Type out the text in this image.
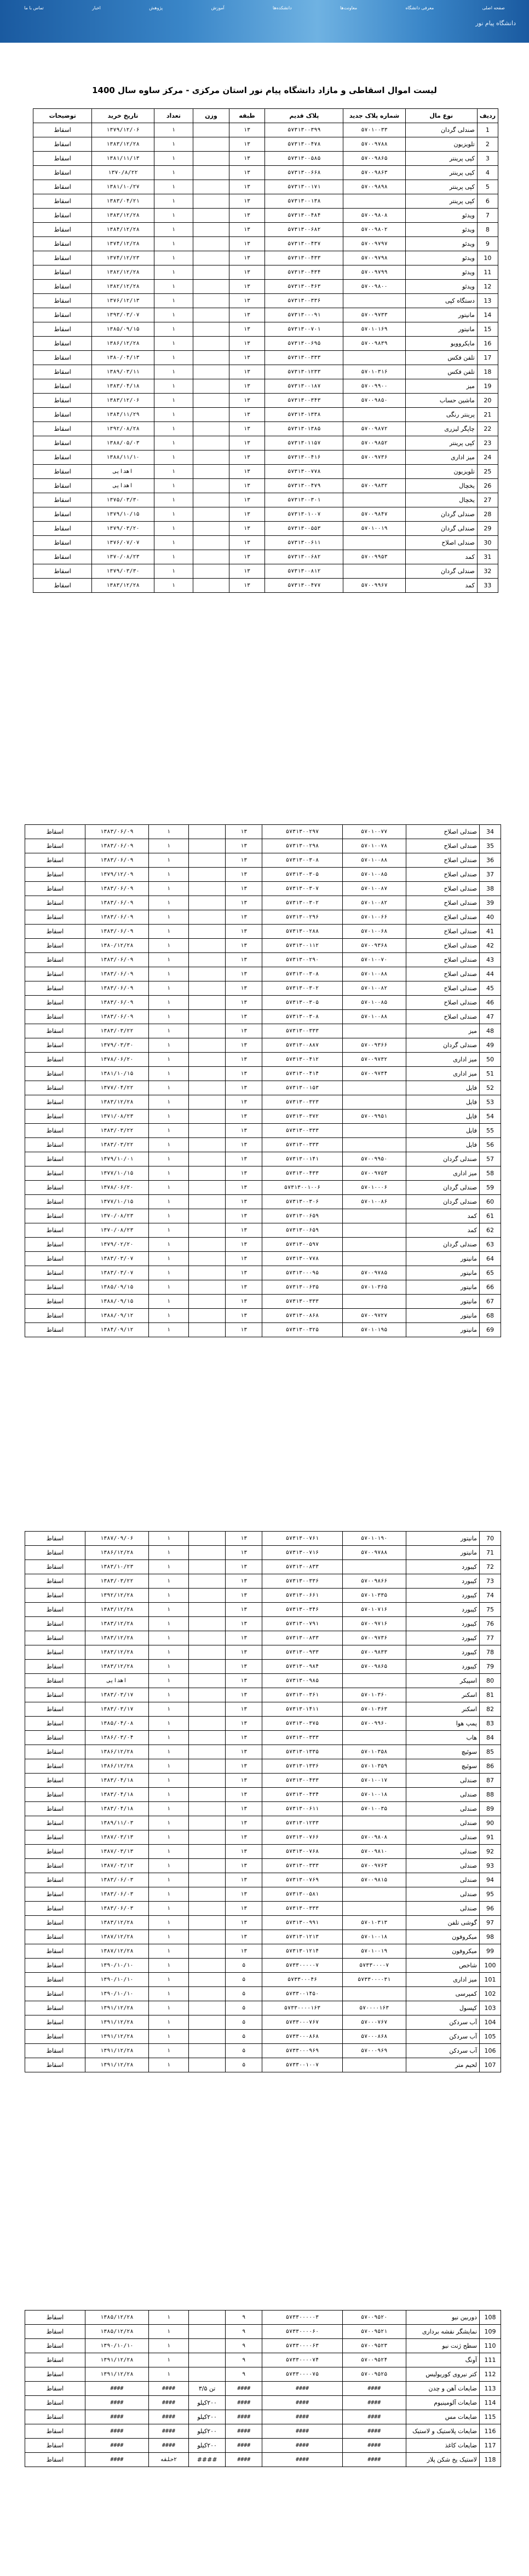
صفحه اصلی
معرفی دانشگاه
معاونت‌ها
دانشکده‌ها
آموزش
پژوهش
اخبار
تماس با ما
دانشگاه پیام نور
لیست اموال اسقاطی و مازاد دانشگاه پیام نور استان مرکزی - مرکز ساوه سال 1400
ردیف	نوع مال	شماره پلاک جدید	پلاک قدیم	طبقه	وزن	تعداد	تاریخ خرید	توضیحات
1	صندلی گردان	۵۷۰۱۰۰۳۳	۵۷۳۱۳۰۰۳۹۹	۱۳		۱	۱۳۷۹/۱۲/۰۶	اسقاط
2	تلویزیون	۵۷۰۰۹۷۸۸	۵۷۳۱۳۰۰۴۷۸	۱۳		۱	۱۳۸۳/۱۲/۲۸	اسقاط
3	کپی پرینتر	۵۷۰۰۹۸۶۵	۵۷۳۱۳۰۰۵۸۵	۱۳		۱	۱۳۸۱/۱۱/۱۳	اسقاط
4	کپی پرینتر	۵۷۰۰۹۸۶۳	۵۷۳۱۳۰۰۶۶۸	۱۳		۱	۱۳۷۰/۸/۲۲	اسقاط
5	کپی پرینتر	۵۷۰۰۹۸۹۸	۵۷۳۱۳۰۰۱۷۱	۱۳		۱	۱۳۸۱/۱۰/۲۷	اسقاط
6	کپی پرینتر		۵۷۳۱۳۰۰۱۳۸	۱۳		۱	۱۳۸۳/۰۴/۲۱	اسقاط
7	ویدئو	۵۷۰۰۹۸۰۸	۵۷۳۱۳۰۰۴۸۴	۱۳		۱	۱۳۸۳/۱۲/۲۸	اسقاط
8	ویدئو	۵۷۰۰۹۸۰۲	۵۷۳۱۳۰۰۶۸۲	۱۳		۱	۱۳۸۴/۱۲/۲۸	اسقاط
9	ویدئو	۵۷۰۰۹۷۹۷	۵۷۳۱۳۰۰۴۳۷	۱۳		۱	۱۳۷۴/۱۲/۲۸	اسقاط
10	ویدئو	۵۷۰۰۹۷۹۸	۵۷۳۱۳۰۰۴۳۳	۱۳		۱	۱۳۷۴/۱۲/۲۳	اسقاط
11	ویدئو	۵۷۰۰۹۷۹۹	۵۷۳۱۳۰۰۴۳۴	۱۳		۱	۱۳۸۲/۱۲/۲۸	اسقاط
12	ویدئو	۵۷۰۰۹۸۰۰	۵۷۳۱۳۰۰۴۶۳	۱۳		۱	۱۳۸۲/۱۲/۲۸	اسقاط
13	دستگاه کپی		۵۷۳۱۳۰۰۳۳۶	۱۳		۱	۱۳۷۶/۱۲/۱۳	اسقاط
14	مانیتور	۵۷۰۰۹۷۳۳	۵۷۳۱۳۰۰۰۹۱	۱۳		۱	۱۳۹۳/۰۳/۰۷	اسقاط
15	مانیتور	۵۷۰۱۰۱۶۹	۵۷۳۱۳۰۰۷۰۱	۱۳		۱	۱۳۸۵/۰۹/۱۵	اسقاط
16	مایکروویو	۵۷۰۰۹۸۳۹	۵۷۳۱۳۰۰۶۹۵	۱۳		۱	۱۳۸۶/۱۲/۲۸	اسقاط
17	تلفن فکس		۵۷۳۱۳۰۰۳۳۳	۱۳		۱	۱۳۸۰/۰۴/۱۳	اسقاط
18	تلفن فکس	۵۷۰۱۰۳۱۶	۵۷۳۱۳۰۱۲۳۳	۱۳		۱	۱۳۸۹/۰۳/۱۱	اسقاط
19	میز	۵۷۰۰۹۹۰۰	۵۷۳۱۳۰۰۱۸۷	۱۳		۱	۱۳۸۳/۰۴/۱۸	اسقاط
20	ماشین حساب	۵۷۰۰۹۸۵۰	۵۷۳۱۳۰۰۳۴۳	۱۳		۱	۱۳۸۳/۱۲/۰۶	اسقاط
21	پرینتر رنگی		۵۷۳۱۳۰۱۳۳۸	۱۳		۱	۱۳۸۴/۱۱/۲۹	اسقاط
22	چاپگر لیزری	۵۷۰۰۹۸۷۲	۵۷۳۱۳۰۱۳۸۵	۱۳		۱	۱۳۹۲/۰۸/۲۸	اسقاط
23	کپی پرینتر	۵۷۰۰۹۸۵۲	۵۷۳۱۳۰۱۱۵۷	۱۳		۱	۱۳۸۸/۰۵/۰۳	اسقاط
24	میز اداری	۵۷۰۰۹۷۳۶	۵۷۳۱۳۰۰۴۱۶	۱۳		۱	۱۳۸۸/۱۱/۱۰	اسقاط
25	تلویزیون		۵۷۳۱۳۰۰۷۷۸	۱۳		۱	اهدایی	اسقاط
26	یخچال	۵۷۰۰۹۸۳۲	۵۷۳۱۳۰۰۴۷۹	۱۳		۱	اهدایی	اسقاط
27	یخچال		۵۷۳۱۳۰۰۳۰۱	۱۳		۱	۱۳۷۵/۰۳/۳۰	اسقاط
28	صندلی گردان	۵۷۰۰۹۸۴۷	۵۷۳۱۳۰۱۰۰۷	۱۳		۱	۱۳۷۹/۱۰/۱۵	اسقاط
29	صندلی گردان	۵۷۰۱۰۰۱۹	۵۷۳۱۳۰۰۵۵۳	۱۳		۱	۱۳۷۹/۰۳/۲۰	اسقاط
30	صندلی اصلاح		۵۷۳۱۳۰۰۶۱۱	۱۳		۱	۱۳۷۶/۰۷/۰۷	اسقاط
31	کمد	۵۷۰۰۹۹۵۳	۵۷۳۱۳۰۰۶۸۲	۱۳		۱	۱۳۷۰/۰۸/۲۳	اسقاط
32	صندلی گردان		۵۷۳۱۳۰۰۸۱۲	۱۳		۱	۱۳۷۹/۰۳/۳۰	اسقاط
33	کمد	۵۷۰۰۹۹۶۷	۵۷۳۱۳۰۰۴۷۷	۱۳		۱	۱۳۸۳/۱۲/۲۸	اسقاط
34	صندلی اصلاح	۵۷۰۱۰۰۷۷	۵۷۳۱۳۰۰۲۹۷	۱۳		۱	۱۳۸۳/۰۶/۰۹	اسقاط
35	صندلی اصلاح	۵۷۰۱۰۰۷۸	۵۷۳۱۳۰۰۲۹۸	۱۳		۱	۱۳۸۳/۰۶/۰۹	اسقاط
36	صندلی اصلاح	۵۷۰۱۰۰۸۸	۵۷۳۱۳۰۰۳۰۸	۱۳		۱	۱۳۸۳/۰۶/۰۹	اسقاط
37	صندلی اصلاح	۵۷۰۱۰۰۸۵	۵۷۳۱۳۰۰۳۰۵	۱۳		۱	۱۳۷۹/۱۲/۰۹	اسقاط
38	صندلی اصلاح	۵۷۰۱۰۰۸۷	۵۷۳۱۳۰۰۳۰۷	۱۳		۱	۱۳۸۳/۰۶/۰۹	اسقاط
39	صندلی اصلاح	۵۷۰۱۰۰۸۲	۵۷۳۱۳۰۰۳۰۲	۱۳		۱	۱۳۸۳/۰۶/۰۹	اسقاط
40	صندلی اصلاح	۵۷۰۱۰۰۶۶	۵۷۳۱۳۰۰۲۹۶	۱۳		۱	۱۳۸۳/۰۶/۰۹	اسقاط
41	صندلی اصلاح	۵۷۰۱۰۰۶۸	۵۷۳۱۳۰۰۲۸۸	۱۳		۱	۱۳۸۳/۰۶/۰۹	اسقاط
42	صندلی اصلاح	۵۷۰۰۹۳۶۸	۵۷۳۱۳۰۰۱۱۲	۱۳		۱	۱۳۸۰/۱۲/۲۸	اسقاط
43	صندلی اصلاح	۵۷۰۱۰۰۷۰	۵۷۳۱۳۰۰۲۹۰	۱۳		۱	۱۳۸۳/۰۶/۰۹	اسقاط
44	صندلی اصلاح	۵۷۰۱۰۰۸۸	۵۷۳۱۳۰۰۳۰۸	۱۳		۱	۱۳۸۳/۰۶/۰۹	اسقاط
45	صندلی اصلاح	۵۷۰۱۰۰۸۲	۵۷۳۱۳۰۰۳۰۲	۱۳		۱	۱۳۸۳/۰۶/۰۹	اسقاط
46	صندلی اصلاح	۵۷۰۱۰۰۸۵	۵۷۳۱۳۰۰۳۰۵	۱۳		۱	۱۳۸۳/۰۶/۰۹	اسقاط
47	صندلی اصلاح	۵۷۰۱۰۰۸۸	۵۷۳۱۳۰۰۳۰۸	۱۳		۱	۱۳۸۳/۰۶/۰۹	اسقاط
48	میز		۵۷۳۱۳۰۰۳۳۳	۱۳		۱	۱۳۸۳/۰۳/۲۲	اسقاط
49	صندلی گردان	۵۷۰۰۹۳۶۶	۵۷۳۱۳۰۰۸۸۷	۱۳		۱	۱۳۷۹/۰۳/۳۰	اسقاط
50	میز اداری	۵۷۰۰۹۷۳۲	۵۷۳۱۳۰۰۴۱۲	۱۳		۱	۱۳۷۸/۰۶/۲۰	اسقاط
51	میز اداری	۵۷۰۰۹۷۳۴	۵۷۳۱۳۰۰۴۱۴	۱۳		۱	۱۳۸۱/۱۰/۱۵	اسقاط
52	فایل		۵۷۳۱۳۰۰۱۵۳	۱۳		۱	۱۳۷۷/۰۴/۲۲	اسقاط
53	فایل		۵۷۳۱۳۰۰۳۲۳	۱۳		۱	۱۳۸۳/۱۲/۲۸	اسقاط
54	فایل	۵۷۰۰۹۹۵۱	۵۷۳۱۳۰۰۳۷۲	۱۳		۱	۱۳۷۱/۰۸/۲۳	اسقاط
55	فایل		۵۷۳۱۳۰۰۳۳۳	۱۳		۱	۱۳۸۳/۰۳/۲۲	اسقاط
56	فایل		۵۷۳۱۳۰۰۳۳۳	۱۳		۱	۱۳۸۳/۰۳/۲۲	اسقاط
57	صندلی گردان	۵۷۰۰۹۹۵۰	۵۷۳۱۳۰۰۱۴۱	۱۳		۱	۱۳۷۹/۱۰/۰۱	اسقاط
58	میز اداری	۵۷۰۰۹۷۵۳	۵۷۳۱۳۰۰۴۳۳	۱۳		۱	۱۳۷۷/۱۰/۱۵	اسقاط
59	صندلی گردان	۵۷۰۱۰۰۰۶	۵۷۳۱۳۰۰۱۰۰۶	۱۳		۱	۱۳۷۸/۰۶/۲۰	اسقاط
60	صندلی گردان	۵۷۰۱۰۰۸۶	۵۷۳۱۳۰۰۳۰۶	۱۳		۱	۱۳۷۷/۱۰/۱۵	اسقاط
61	کمد		۵۷۳۱۳۰۰۶۵۹	۱۳		۱	۱۳۷۰/۰۸/۲۳	اسقاط
62	کمد		۵۷۳۱۳۰۰۶۵۹	۱۳		۱	۱۳۷۰/۰۸/۲۳	اسقاط
63	صندلی گردان		۵۷۳۱۳۰۰۵۹۷	۱۳		۱	۱۳۷۹/۰۲/۲۰	اسقاط
64	مانیتور		۵۷۳۱۳۰۰۷۷۸	۱۳		۱	۱۳۸۳/۰۳/۰۷	اسقاط
65	مانیتور	۵۷۰۰۹۷۸۵	۵۷۳۱۳۰۰۰۹۵	۱۳		۱	۱۳۸۳/۰۳/۰۷	اسقاط
66	مانیتور	۵۷۰۱۰۳۶۵	۵۷۳۱۳۰۰۶۳۵	۱۳		۱	۱۳۸۵/۰۹/۱۵	اسقاط
67	مانیتور		۵۷۳۱۳۰۰۳۳۳	۱۳		۱	۱۳۸۸/۰۹/۱۵	اسقاط
68	مانیتور	۵۷۰۰۹۷۲۷	۵۷۳۱۳۰۰۸۶۸	۱۳		۱	۱۳۸۸/۰۹/۱۲	اسقاط
69	مانیتور	۵۷۰۱۰۱۹۵	۵۷۳۱۳۰۰۳۲۵	۱۳		۱	۱۳۸۴/۰۹/۱۲	اسقاط
70	مانیتور	۵۷۰۱۰۱۹۰	۵۷۳۱۳۰۰۷۶۱	۱۳		۱	۱۳۸۷/۰۹/۰۶	اسقاط
71	مانیتور	۵۷۰۰۹۷۸۸	۵۷۳۱۳۰۰۷۱۶	۱۳		۱	۱۳۸۶/۱۲/۲۸	اسقاط
72	کیبورد		۵۷۳۱۳۰۰۸۳۳	۱۳		۱	۱۳۸۳/۱۰/۲۳	اسقاط
73	کیبورد	۵۷۰۰۹۸۶۶	۵۷۳۱۳۰۰۳۳۶	۱۳		۱	۱۳۸۳/۰۳/۲۲	اسقاط
74	کیبورد	۵۷۰۱۰۳۳۵	۵۷۳۱۳۰۰۶۶۱	۱۳		۱	۱۳۹۲/۱۲/۲۸	اسقاط
75	کیبورد	۵۷۰۱۰۷۱۶	۵۷۳۱۳۰۰۳۴۶	۱۳		۱	۱۳۸۳/۱۲/۲۸	اسقاط
76	کیبورد	۵۷۰۰۹۷۱۶	۵۷۳۱۳۰۰۷۹۱	۱۳		۱	۱۳۸۳/۱۲/۲۸	اسقاط
77	کیبورد	۵۷۰۰۹۷۳۶	۵۷۳۱۳۰۰۸۳۳	۱۳		۱	۱۳۸۳/۱۲/۲۸	اسقاط
78	کیبورد	۵۷۰۰۹۸۳۳	۵۷۳۱۳۰۰۹۳۳	۱۳		۱	۱۳۸۳/۱۲/۲۸	اسقاط
79	کیبورد	۵۷۰۰۹۸۶۵	۵۷۳۱۳۰۰۹۸۴	۱۳		۱	۱۳۸۳/۱۲/۲۸	اسقاط
80	اسپیکر		۵۷۳۱۳۰۰۹۸۵	۱۳		۱	اهدایی	اسقاط
81	اسکنر	۵۷۰۱۰۳۶۰	۵۷۳۱۳۰۰۳۶۱	۱۳		۱	۱۳۸۳/۰۳/۱۷	اسقاط
82	اسکنر	۵۷۰۱۰۳۶۳	۵۷۳۱۳۰۱۴۱۱	۱۳		۱	۱۳۸۳/۰۳/۱۷	اسقاط
83	پمپ هوا	۵۷۰۰۹۹۶۰	۵۷۳۱۳۰۰۳۷۵	۱۳		۱	۱۳۸۵/۰۴/۰۸	اسقاط
84	هاب		۵۷۳۱۳۰۰۳۳۳	۱۳		۱	۱۳۸۶/۰۳/۰۴	اسقاط
85	سوئیچ	۵۷۰۱۰۳۵۸	۵۷۳۱۳۰۱۳۳۵	۱۳		۱	۱۳۸۶/۱۲/۲۸	اسقاط
86	سوئیچ	۵۷۰۱۰۳۵۹	۵۷۳۱۳۰۱۳۳۶	۱۳		۱	۱۳۸۶/۱۲/۲۸	اسقاط
87	صندلی	۵۷۰۱۰۰۱۷	۵۷۳۱۳۰۰۴۳۳	۱۳		۱	۱۳۸۳/۰۴/۱۸	اسقاط
88	صندلی	۵۷۰۱۰۰۱۸	۵۷۳۱۳۰۰۴۳۴	۱۳		۱	۱۳۸۳/۰۴/۱۸	اسقاط
89	صندلی	۵۷۰۱۰۰۳۵	۵۷۳۱۳۰۰۶۱۱	۱۳		۱	۱۳۸۳/۰۴/۱۸	اسقاط
90	صندلی		۵۷۳۱۳۰۱۲۳۳	۱۳		۱	۱۳۸۹/۱۱/۰۳	اسقاط
91	صندلی	۵۷۰۰۹۸۰۸	۵۷۳۱۳۰۰۷۶۶	۱۳		۱	۱۳۸۷/۰۳/۱۳	اسقاط
92	صندلی	۵۷۰۰۹۸۱۰	۵۷۳۱۳۰۰۷۶۸	۱۳		۱	۱۳۸۷/۰۳/۱۳	اسقاط
93	صندلی	۵۷۰۰۹۷۶۳	۵۷۳۱۳۰۰۳۳۳	۱۳		۱	۱۳۸۷/۰۳/۱۳	اسقاط
94	صندلی	۵۷۰۰۹۸۱۵	۵۷۳۱۳۰۰۷۶۹	۱۳		۱	۱۳۸۳/۰۶/۰۳	اسقاط
95	صندلی		۵۷۳۱۳۰۰۵۸۱	۱۳		۱	۱۳۸۳/۰۶/۰۳	اسقاط
96	صندلی		۵۷۳۱۳۰۰۳۳۳	۱۳		۱	۱۳۸۳/۰۶/۰۳	اسقاط
97	گوشی تلفن	۵۷۰۱۰۳۱۳	۵۷۳۱۳۰۰۹۹۱	۱۳		۱	۱۳۸۳/۱۲/۲۸	اسقاط
98	میکروفون	۵۷۰۱۰۰۱۸	۵۷۳۱۳۰۱۲۱۳	۱۳		۱	۱۳۸۷/۱۲/۲۸	اسقاط
99	میکروفون	۵۷۰۱۰۰۱۹	۵۷۳۱۳۰۱۲۱۴	۱۳		۱	۱۳۸۷/۱۲/۲۸	اسقاط
100	شاخص	۵۷۳۳۰۰۰۰۷	۵۷۳۳۰۰۰۰۰۷	۵		۱	۱۳۹۰/۱۰/۱۰	اسقاط
101	میز اداری	۵۷۳۳۰۰۰۰۳۱	۵۷۳۳۰۰۰۴۶	۵		۱	۱۳۹۰/۱۰/۱۰	اسقاط
102	کمپرسی		۵۷۳۳۰۰۱۴۵۰	۵		۱	۱۳۹۰/۱۰/۱۰	اسقاط
103	کپسول	۵۷۰۰۰۰۱۶۳	۵۷۳۳۰۰۰۰۱۶۳	۵		۱	۱۳۹۱/۱۲/۲۸	اسقاط
104	آب سردکن	۵۷۰۰۰۷۶۷	۵۷۳۳۰۰۰۷۶۷	۵		۱	۱۳۹۱/۱۲/۲۸	اسقاط
105	آب سردکن	۵۷۰۰۰۸۶۸	۵۷۳۳۰۰۰۸۶۸	۵		۱	۱۳۹۱/۱۲/۲۸	اسقاط
106	آب سردکن	۵۷۰۰۰۹۶۹	۵۷۳۳۰۰۰۹۶۹	۵		۱	۱۳۹۱/۱۲/۲۸	اسقاط
107	لحیم متر		۵۷۳۳۰۰۱۰۰۷	۵		۱	۱۳۹۱/۱۲/۲۸	اسقاط
108	دوربین نیو	۵۷۰۰۹۵۲۰	۵۷۳۳۰۰۰۰۰۳	۹		۱	۱۳۸۵/۱۲/۲۸	اسقاط
109	نمایشگر نقشه برداری	۵۷۰۰۹۵۲۱	۵۷۳۳۰۰۰۰۶۰	۹		۱	۱۳۸۵/۱۲/۲۸	اسقاط
110	سطح ژنت نیو	۵۷۰۰۹۵۲۳	۵۷۳۳۰۰۰۰۶۳	۹		۱	۱۳۹۰/۱۰/۱۰	اسقاط
111	آونگ	۵۷۰۰۹۵۲۴	۵۷۳۳۰۰۰۰۷۴	۹		۱	۱۳۹۱/۱۲/۲۸	اسقاط
112	کتر نیروی کوریولیس	۵۷۰۰۹۵۲۵	۵۷۳۳۰۰۰۰۷۵	۹		۱	۱۳۹۱/۱۲/۲۸	اسقاط
113	ضایعات آهن و چدن	####	####	####	تن ۳/۵	####	####	اسقاط
114	ضایعات آلومینیوم	####	####	####	۲۰۰کیلو	####	####	اسقاط
115	ضایعات مس	####	####	####	۲۰۰کیلو	####	####	اسقاط
116	ضایعات پلاستیک و لاستیک	####	####	####	۲۰۰کیلو	####	####	اسقاط
117	ضایعات کاغذ	####	####	####	۲۰۰کیلو	####	####	اسقاط
118	لاستیک یخ شکن پلار	####	####	####	####	۲حلقه	####	اسقاط
